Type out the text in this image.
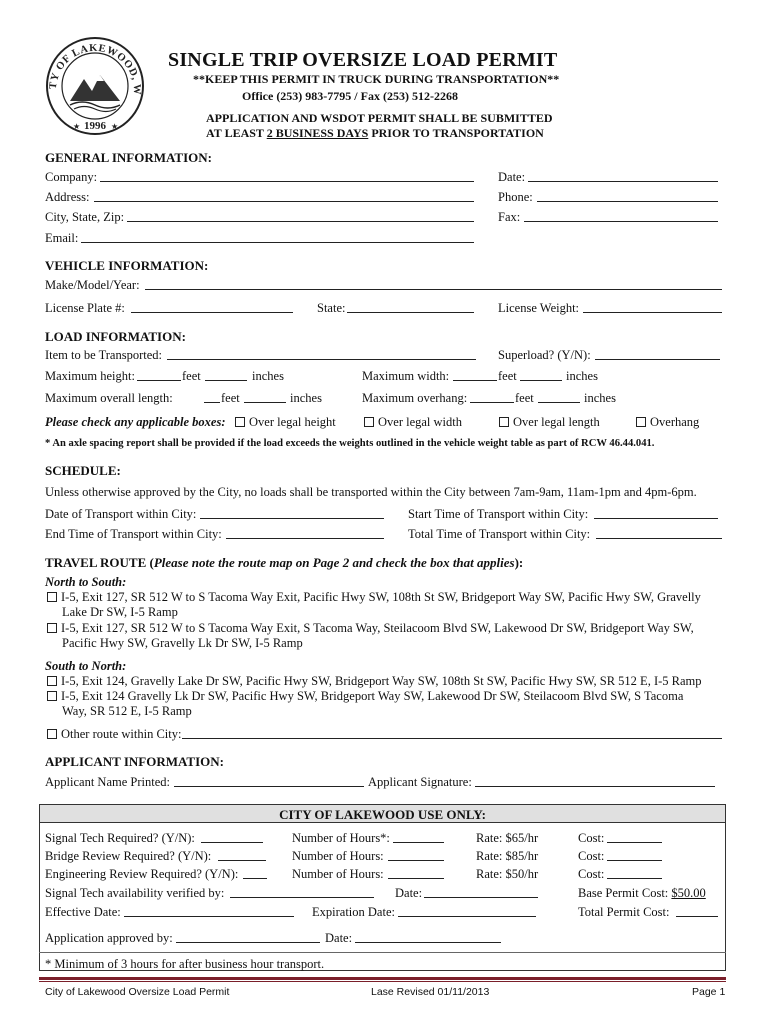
TY OF LAKEWOOD, W
1996
★	★
SINGLE TRIP OVERSIZE LOAD PERMIT
**KEEP THIS PERMIT IN TRUCK DURING TRANSPORTATION**
Office (253) 983-7795 / Fax (253) 512-2268
APPLICATION AND WSDOT PERMIT SHALL BE SUBMITTED
AT LEAST 2 BUSINESS DAYS PRIOR TO TRANSPORTATION
GENERAL INFORMATION:
Company:	Date:
Address:	Phone:
City, State, Zip:	Fax:
Email:
VEHICLE INFORMATION:
Make/Model/Year:
License Plate #:	State:	License Weight:
LOAD INFORMATION:
Item to be Transported:	Superload? (Y/N):
Maximum height:	feet	inches	Maximum width:	feet	inches
Maximum overall length:	feet	inches	Maximum overhang:	feet	inches
Please check any applicable boxes:	Over legal height	Over legal width	Over legal length	Overhang
* An axle spacing report shall be provided if the load exceeds the weights outlined in the vehicle weight table as part of RCW 46.44.041.
SCHEDULE:
Unless otherwise approved by the City, no loads shall be transported within the City between 7am-9am, 11am-1pm and 4pm-6pm.
Date of Transport within City:	Start Time of Transport within City:
End Time of Transport within City:	Total Time of Transport within City:
TRAVEL ROUTE (Please note the route map on Page 2 and check the box that applies):
North to South:
I-5, Exit 127, SR 512 W to S Tacoma Way Exit, Pacific Hwy SW, 108th St SW, Bridgeport Way SW, Pacific Hwy SW, Gravelly
Lake Dr SW, I-5 Ramp
I-5, Exit 127, SR 512 W to S Tacoma Way Exit, S Tacoma Way, Steilacoom Blvd SW, Lakewood Dr SW, Bridgeport Way SW,
Pacific Hwy SW, Gravelly Lk Dr SW, I-5 Ramp
South to North:
I-5, Exit 124, Gravelly Lake Dr SW, Pacific Hwy SW, Bridgeport Way SW, 108th St SW, Pacific Hwy SW, SR 512 E, I-5 Ramp
I-5, Exit 124 Gravelly Lk Dr SW, Pacific Hwy SW, Bridgeport Way SW, Lakewood Dr SW, Steilacoom Blvd SW, S Tacoma
Way, SR 512 E, I-5 Ramp
Other route within City:
APPLICANT INFORMATION:
Applicant Name Printed:	Applicant Signature:
CITY OF LAKEWOOD USE ONLY:
Signal Tech Required? (Y/N):	Number of Hours*:	Rate: $65/hr	Cost:
Bridge Review Required? (Y/N):	Number of Hours:	Rate: $85/hr	Cost:
Engineering Review Required? (Y/N):	Number of Hours:	Rate: $50/hr	Cost:
Signal Tech availability verified by:	Date:	Base Permit Cost: $50.00
Effective Date:	Expiration Date:	Total Permit Cost:
Application approved by:	Date:
* Minimum of 3 hours for after business hour transport.
City of Lakewood Oversize Load Permit	Lase Revised 01/11/2013	Page 1
